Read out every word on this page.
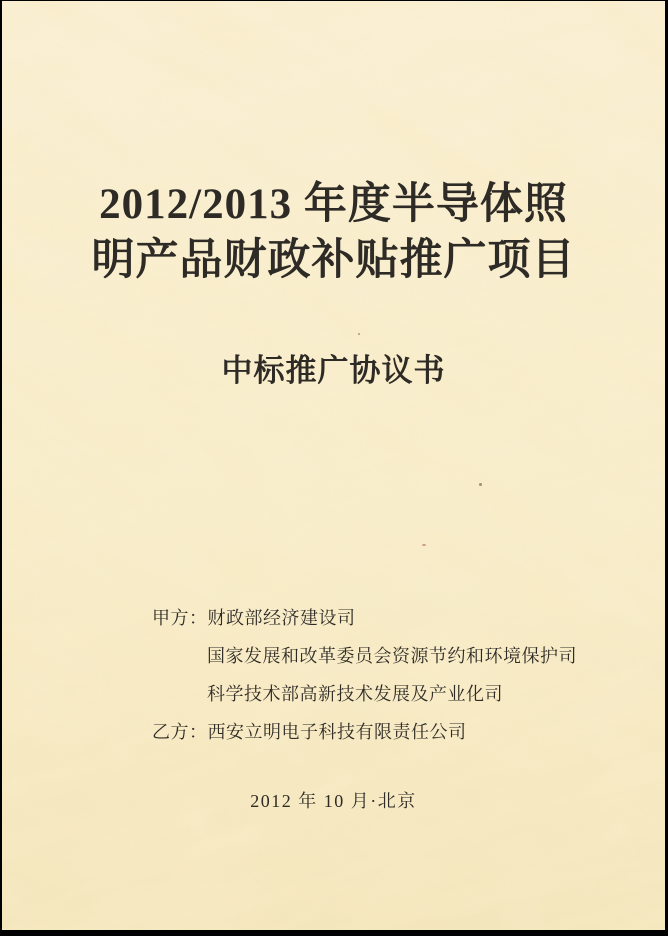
2012/2013 年度半导体照
明产品财政补贴推广项目
中标推广协议书
甲方：财政部经济建设司
国家发展和改革委员会资源节约和环境保护司
科学技术部高新技术发展及产业化司
乙方：西安立明电子科技有限责任公司
2012 年 10 月·北京
